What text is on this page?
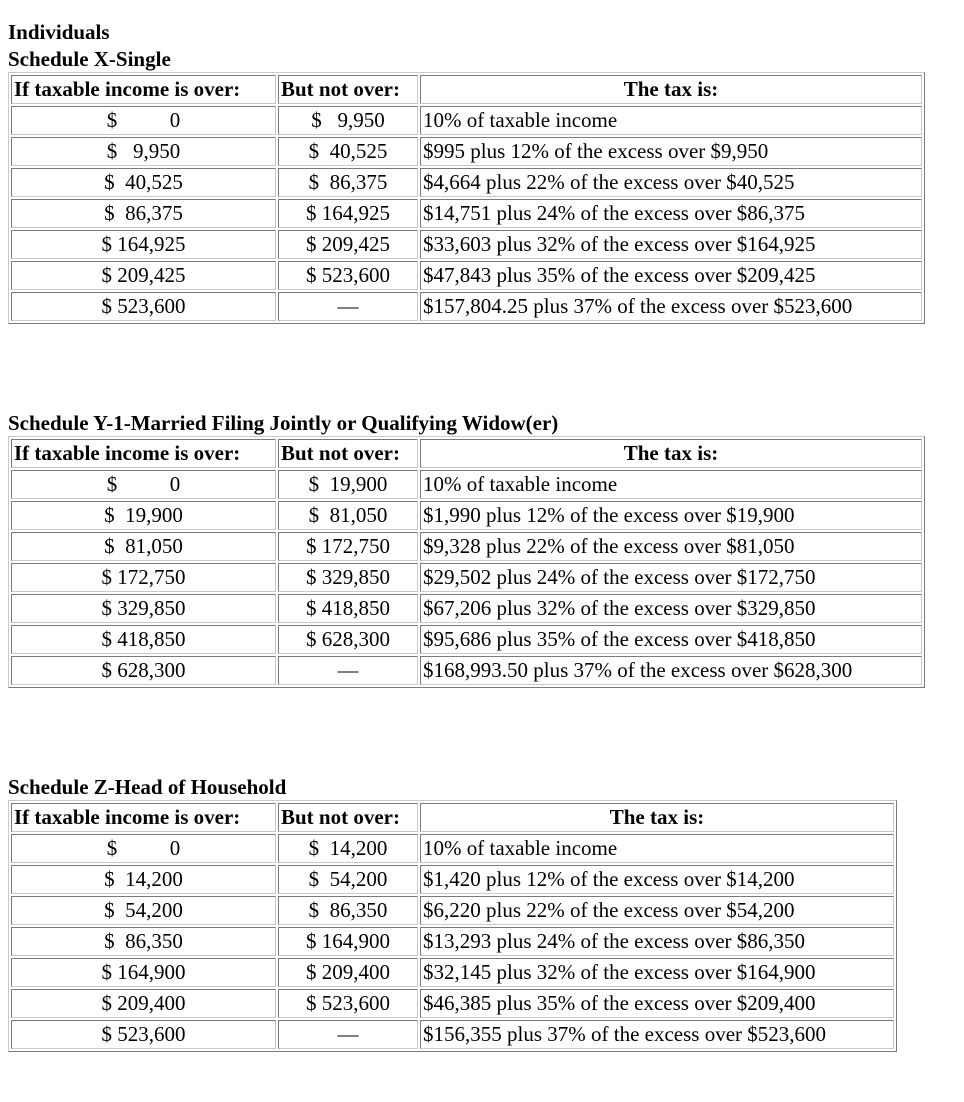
Individuals
Schedule X-Single
If taxable income is over:	But not over:	The tax is:
$          0	$   9,950	10% of taxable income
$   9,950	$  40,525	$995 plus 12% of the excess over $9,950
$  40,525	$  86,375	$4,664 plus 22% of the excess over $40,525
$  86,375	$ 164,925	$14,751 plus 24% of the excess over $86,375
$ 164,925	$ 209,425	$33,603 plus 32% of the excess over $164,925
$ 209,425	$ 523,600	$47,843 plus 35% of the excess over $209,425
$ 523,600	—	$157,804.25 plus 37% of the excess over $523,600
Schedule Y-1-Married Filing Jointly or Qualifying Widow(er)
If taxable income is over:	But not over:	The tax is:
$          0	$  19,900	10% of taxable income
$  19,900	$  81,050	$1,990 plus 12% of the excess over $19,900
$  81,050	$ 172,750	$9,328 plus 22% of the excess over $81,050
$ 172,750	$ 329,850	$29,502 plus 24% of the excess over $172,750
$ 329,850	$ 418,850	$67,206 plus 32% of the excess over $329,850
$ 418,850	$ 628,300	$95,686 plus 35% of the excess over $418,850
$ 628,300	—	$168,993.50 plus 37% of the excess over $628,300
Schedule Z-Head of Household
If taxable income is over:	But not over:	The tax is:
$          0	$  14,200	10% of taxable income
$  14,200	$  54,200	$1,420 plus 12% of the excess over $14,200
$  54,200	$  86,350	$6,220 plus 22% of the excess over $54,200
$  86,350	$ 164,900	$13,293 plus 24% of the excess over $86,350
$ 164,900	$ 209,400	$32,145 plus 32% of the excess over $164,900
$ 209,400	$ 523,600	$46,385 plus 35% of the excess over $209,400
$ 523,600	—	$156,355 plus 37% of the excess over $523,600
